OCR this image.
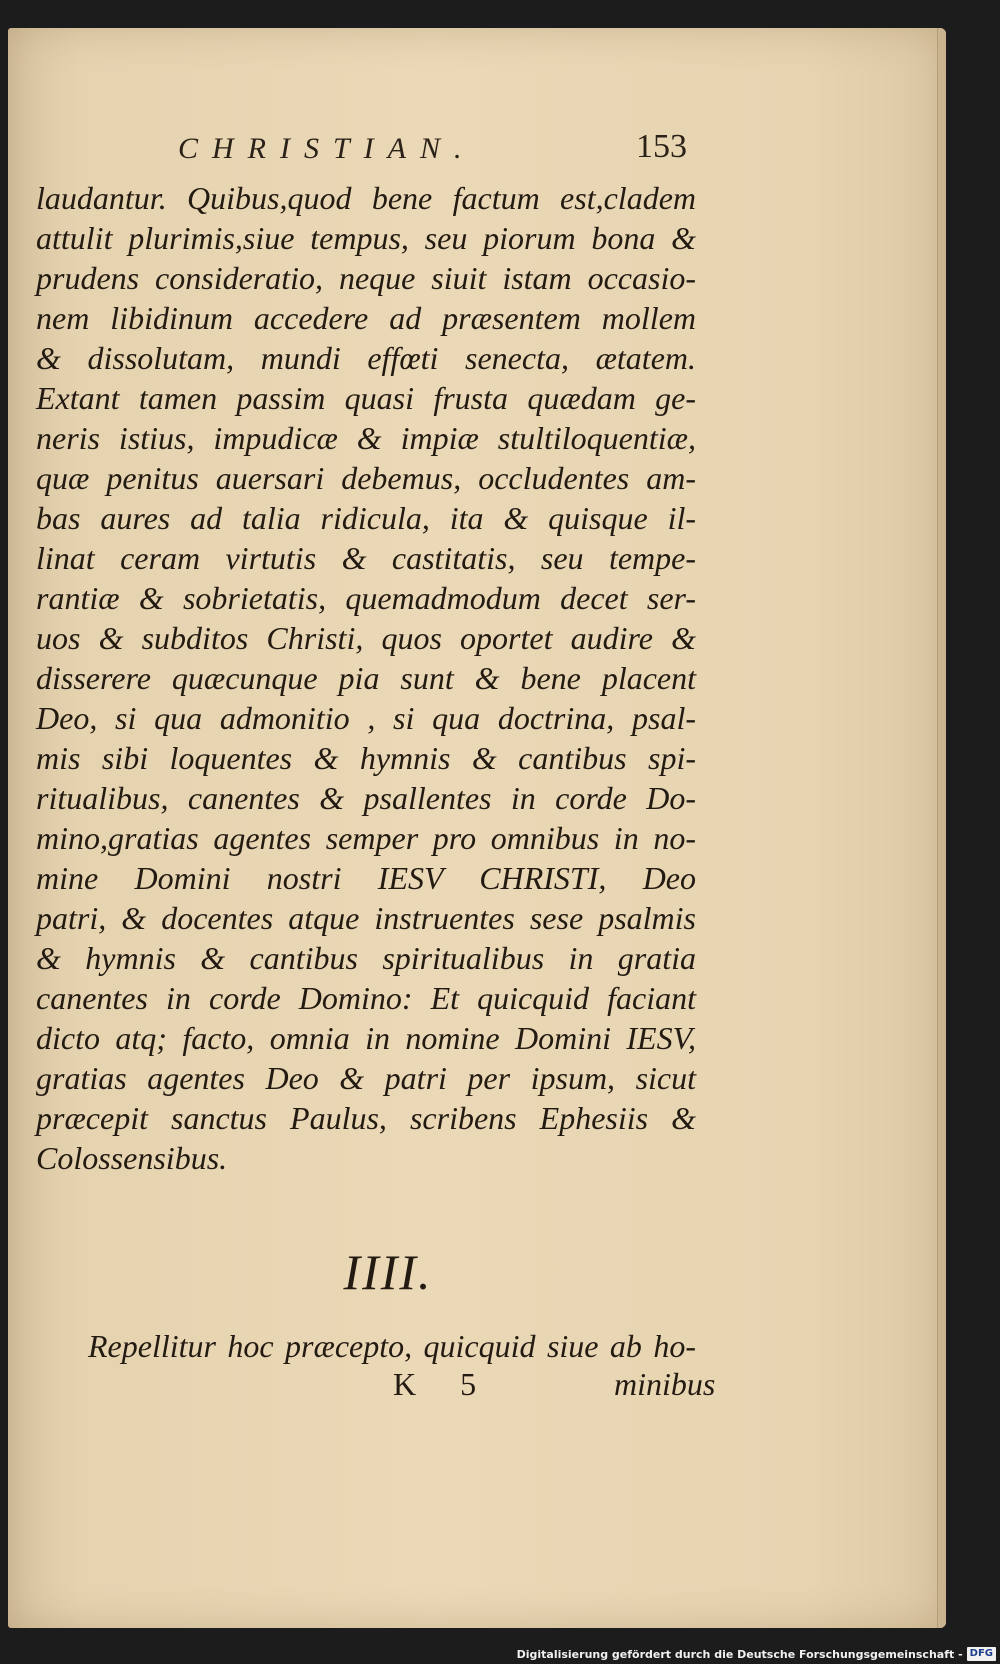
CHRISTIAN.	153
laudantur. Quibus,quod bene factum est,cladem
attulit plurimis,siue tempus, seu piorum bona &
prudens consideratio, neque siuit istam occasio-
nem libidinum accedere ad præsentem mollem
& dissolutam, mundi effœti senecta, ætatem.
Extant tamen passim quasi frusta quædam ge-
neris istius, impudicæ & impiæ stultiloquentiæ,
quæ penitus auersari debemus, occludentes am-
bas aures ad talia ridicula, ita & quisque il-
linat ceram virtutis & castitatis, seu tempe-
rantiæ & sobrietatis, quemadmodum decet ser-
uos & subditos Christi, quos oportet audire &
disserere quæcunque pia sunt & bene placent
Deo, si qua admonitio , si qua doctrina, psal-
mis sibi loquentes & hymnis & cantibus spi-
ritualibus, canentes & psallentes in corde Do-
mino,gratias agentes semper pro omnibus in no-
mine Domini nostri IESV CHRISTI, Deo
patri, & docentes atque instruentes sese psalmis
& hymnis & cantibus spiritualibus in gratia
canentes in corde Domino: Et quicquid faciant
dicto atq; facto, omnia in nomine Domini IESV,
gratias agentes Deo & patri per ipsum, sicut
præcepit sanctus Paulus, scribens Ephesiis &
Colossensibus.
IIII.
Repellitur hoc præcepto, quicquid siue ab ho-
K 5	minibus
Digitalisierung gefördert durch die Deutsche Forschungsgemeinschaft - DFG
